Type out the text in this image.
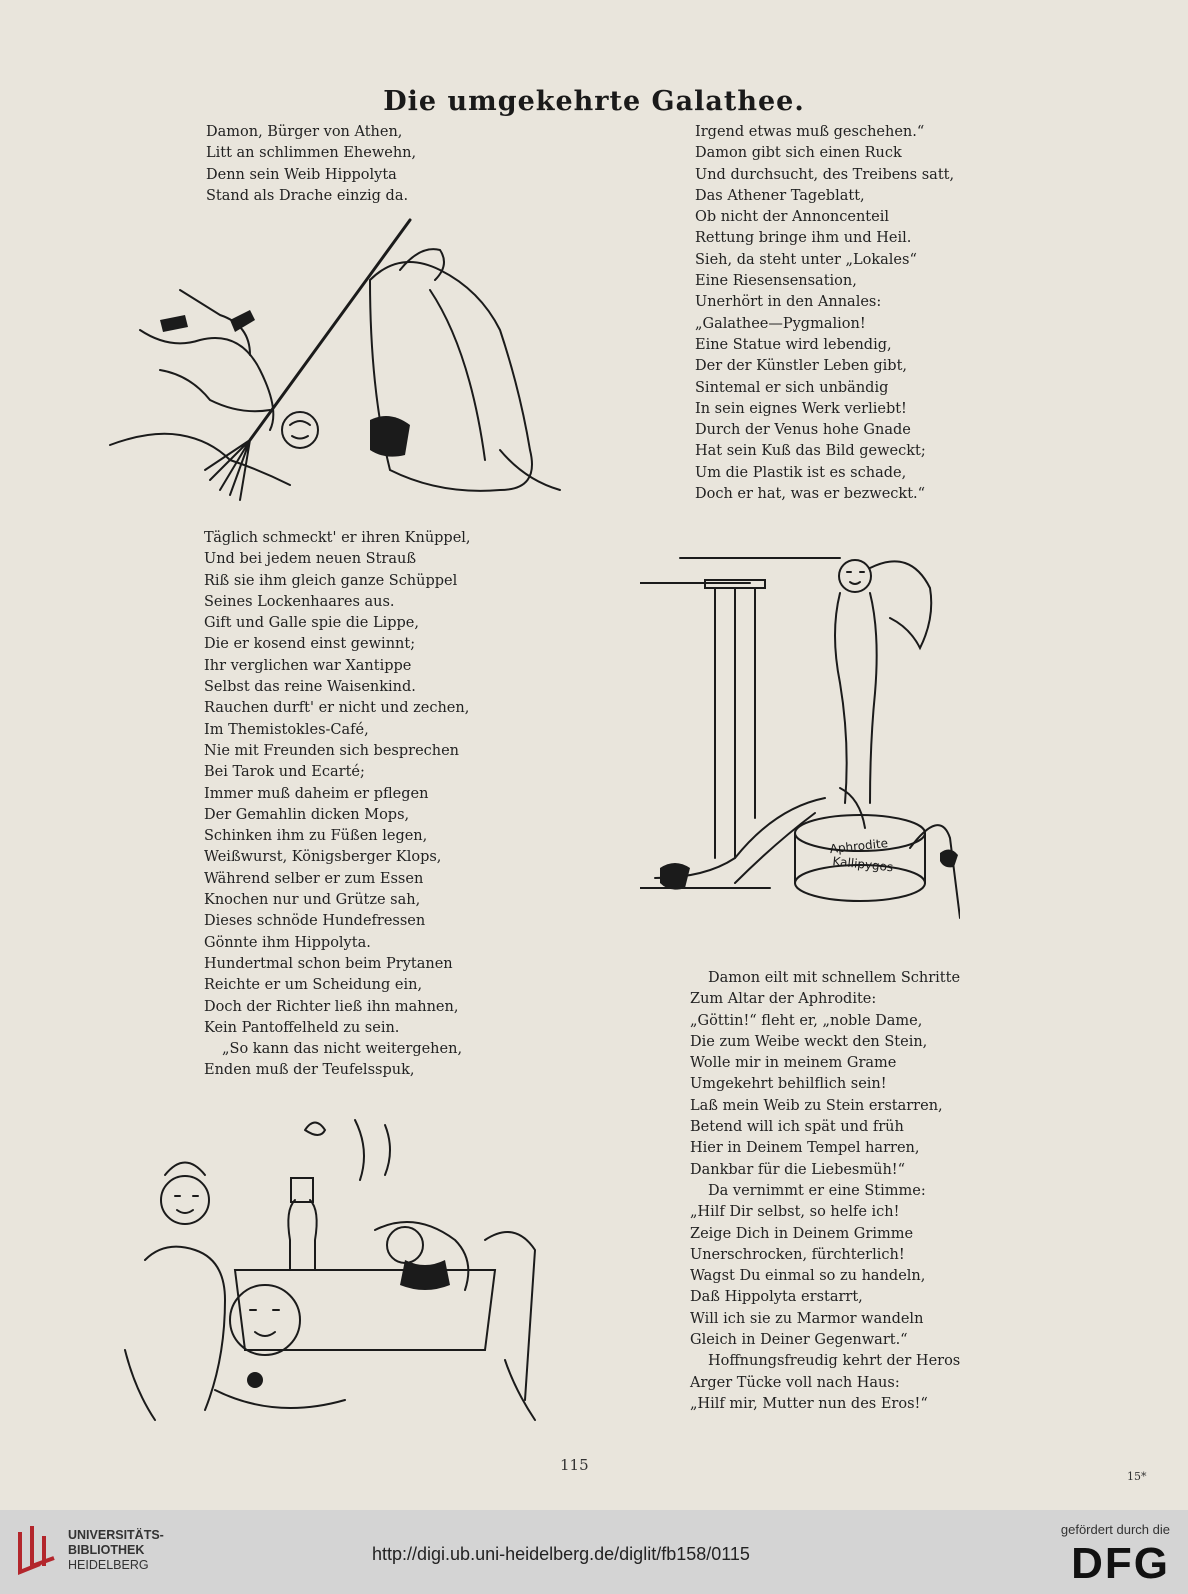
Die umgekehrte Galathee.
Damon, Bürger von Athen,
Litt an schlimmen Ehewehn,
Denn sein Weib Hippolyta
Stand als Drache einzig da.
Täglich schmeckt' er ihren Knüppel,
Und bei jedem neuen Strauß
Riß sie ihm gleich ganze Schüppel
Seines Lockenhaares aus.
Gift und Galle spie die Lippe,
Die er kosend einst gewinnt;
Ihr verglichen war Xantippe
Selbst das reine Waisenkind.
Rauchen durft' er nicht und zechen,
Im Themistokles-Café,
Nie mit Freunden sich besprechen
Bei Tarok und Ecarté;
Immer muß daheim er pflegen
Der Gemahlin dicken Mops,
Schinken ihm zu Füßen legen,
Weißwurst, Königsberger Klops,
Während selber er zum Essen
Knochen nur und Grütze sah,
Dieses schnöde Hundefressen
Gönnte ihm Hippolyta.
Hundertmal schon beim Prytanen
Reichte er um Scheidung ein,
Doch der Richter ließ ihn mahnen,
Kein Pantoffelheld zu sein.
„So kann das nicht weitergehen,
Enden muß der Teufelsspuk,
Irgend etwas muß geschehen.“
Damon gibt sich einen Ruck
Und durchsucht, des Treibens satt,
Das Athener Tageblatt,
Ob nicht der Annoncenteil
Rettung bringe ihm und Heil.
Sieh, da steht unter „Lokales“
Eine Riesensensation,
Unerhört in den Annales:
„Galathee—Pygmalion!
Eine Statue wird lebendig,
Der der Künstler Leben gibt,
Sintemal er sich unbändig
In sein eignes Werk verliebt!
Durch der Venus hohe Gnade
Hat sein Kuß das Bild geweckt;
Um die Plastik ist es schade,
Doch er hat, was er bezweckt.“
Aphrodite
Kallipygos
Damon eilt mit schnellem Schritte
Zum Altar der Aphrodite:
„Göttin!“ fleht er, „noble Dame,
Die zum Weibe weckt den Stein,
Wolle mir in meinem Grame
Umgekehrt behilflich sein!
Laß mein Weib zu Stein erstarren,
Betend will ich spät und früh
Hier in Deinem Tempel harren,
Dankbar für die Liebesmüh!“
Da vernimmt er eine Stimme:
„Hilf Dir selbst, so helfe ich!
Zeige Dich in Deinem Grimme
Unerschrocken, fürchterlich!
Wagst Du einmal so zu handeln,
Daß Hippolyta erstarrt,
Will ich sie zu Marmor wandeln
Gleich in Deiner Gegenwart.“
Hoffnungsfreudig kehrt der Heros
Arger Tücke voll nach Haus:
„Hilf mir, Mutter nun des Eros!“
115
15*
UNIVERSITÄTS-
BIBLIOTHEK
HEIDELBERG
http://digi.ub.uni-heidelberg.de/diglit/fb158/0115
gefördert durch die
DFG
